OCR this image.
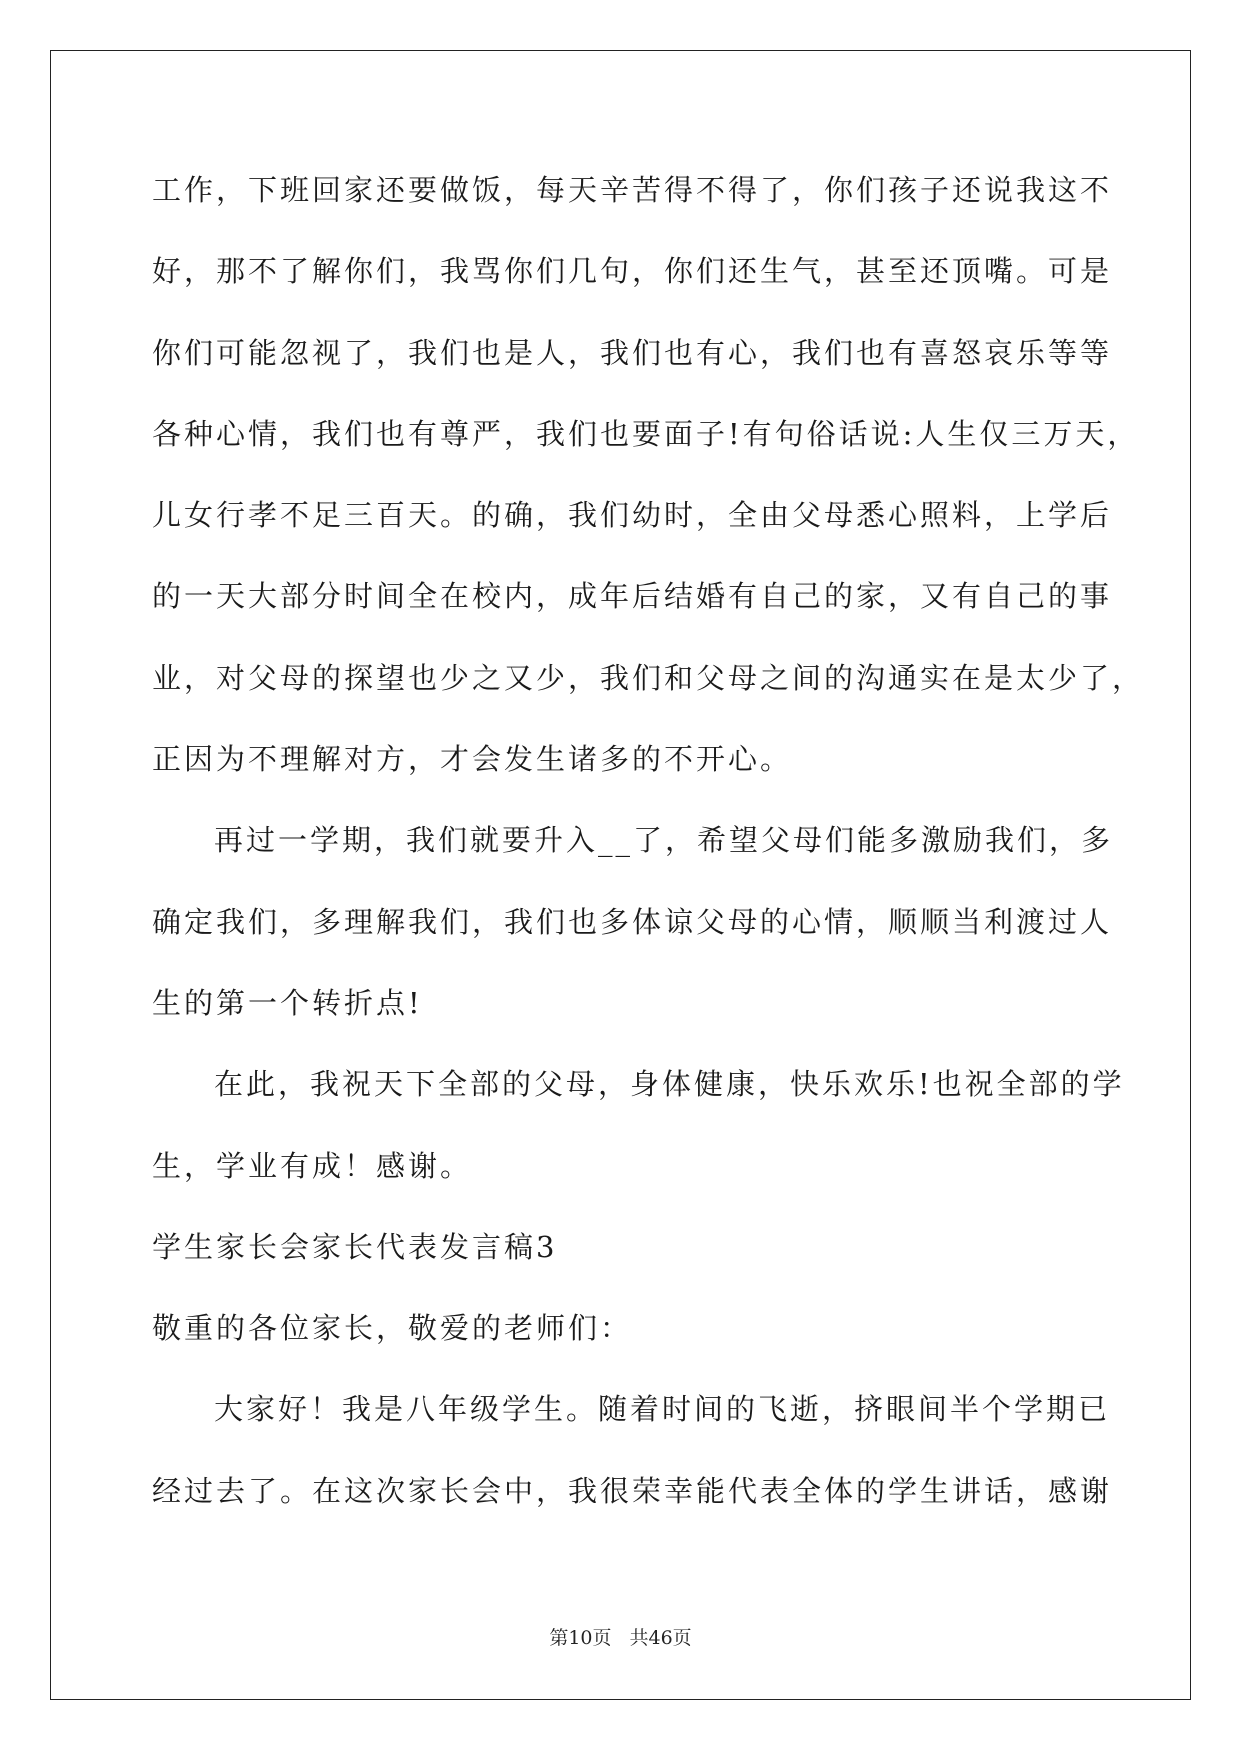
工作，下班回家还要做饭，每天辛苦得不得了，你们孩子还说我这不
好，那不了解你们，我骂你们几句，你们还生气，甚至还顶嘴。可是
你们可能忽视了，我们也是人，我们也有心，我们也有喜怒哀乐等等
各种心情，我们也有尊严，我们也要面子!有句俗话说:人生仅三万天，
儿女行孝不足三百天。的确，我们幼时，全由父母悉心照料，上学后
的一天大部分时间全在校内，成年后结婚有自己的家，又有自己的事
业，对父母的探望也少之又少，我们和父母之间的沟通实在是太少了，
正因为不理解对方，才会发生诸多的不开心。
再过一学期，我们就要升入__了，希望父母们能多激励我们，多
确定我们，多理解我们，我们也多体谅父母的心情，顺顺当利渡过人
生的第一个转折点!
在此，我祝天下全部的父母，身体健康，快乐欢乐!也祝全部的学
生，学业有成！感谢。
学生家长会家长代表发言稿3
敬重的各位家长，敬爱的老师们：
大家好！我是八年级学生。随着时间的飞逝，挤眼间半个学期已
经过去了。在这次家长会中，我很荣幸能代表全体的学生讲话，感谢
第10页 共46页
